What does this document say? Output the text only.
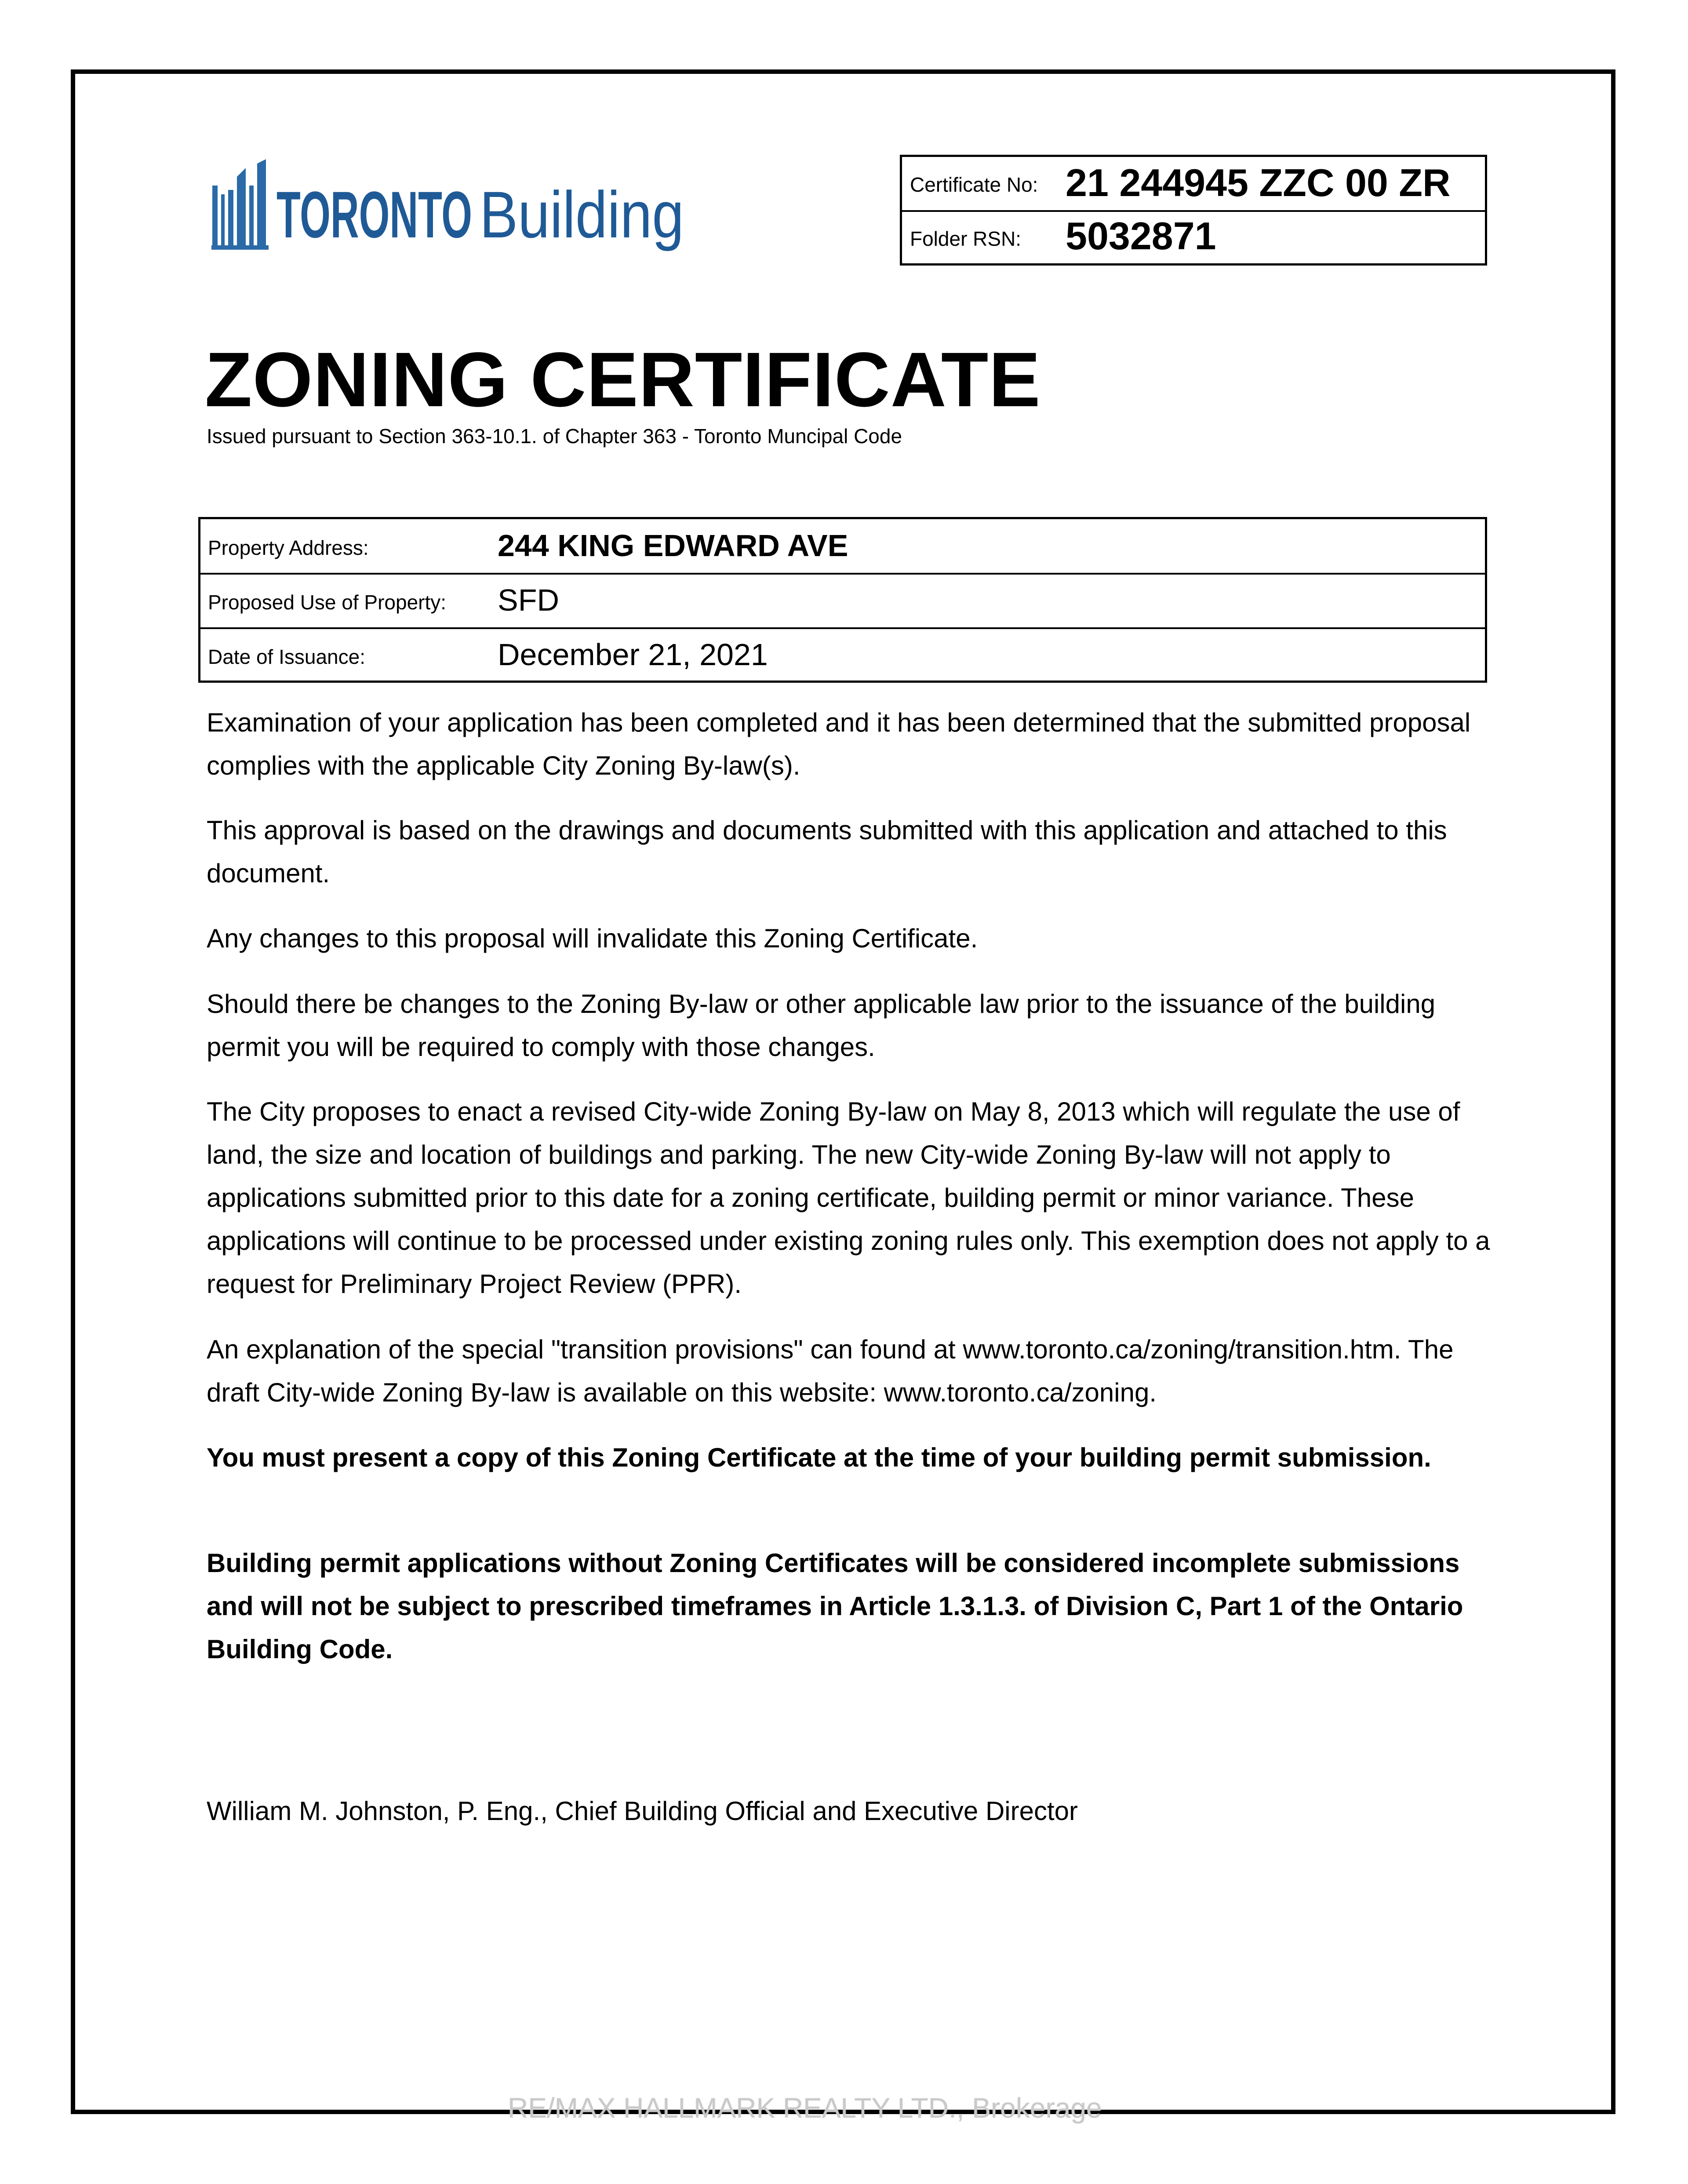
TORONTO Building	Certificate No: 21 244945 ZZC 00 ZR
Folder RSN: 5032871
ZONING CERTIFICATE
Issued pursuant to Section 363-10.1. of Chapter 363 - Toronto Muncipal Code
Property Address:	244 KING EDWARD AVE
Proposed Use of Property: SFD
Date of Issuance:	December 21, 2021

Examination of your application has been completed and it has been determined that the submitted proposal complies with the applicable City Zoning By-law(s).

This approval is based on the drawings and documents submitted with this application and attached to this document.

Any changes to this proposal will invalidate this Zoning Certificate.

Should there be changes to the Zoning By-law or other applicable law prior to the issuance of the building permit you will be required to comply with those changes.

The City proposes to enact a revised City-wide Zoning By-law on May 8, 2013 which will regulate the use of land, the size and location of buildings and parking. The new City-wide Zoning By-law will not apply to applications submitted prior to this date for a zoning certificate, building permit or minor variance. These applications will continue to be processed under existing zoning rules only. This exemption does not apply to a request for Preliminary Project Review (PPR).

An explanation of the special "transition provisions" can found at www.toronto.ca/zoning/transition.htm. The draft City-wide Zoning By-law is available on this website: www.toronto.ca/zoning.

You must present a copy of this Zoning Certificate at the time of your building permit submission.

Building permit applications without Zoning Certificates will be considered incomplete submissions and will not be subject to prescribed timeframes in Article 1.3.1.3. of Division C, Part 1 of the Ontario Building Code.

William M. Johnston, P. Eng., Chief Building Official and Executive Director
RE/MAX HALLMARK REALTY LTD., Brokerage
